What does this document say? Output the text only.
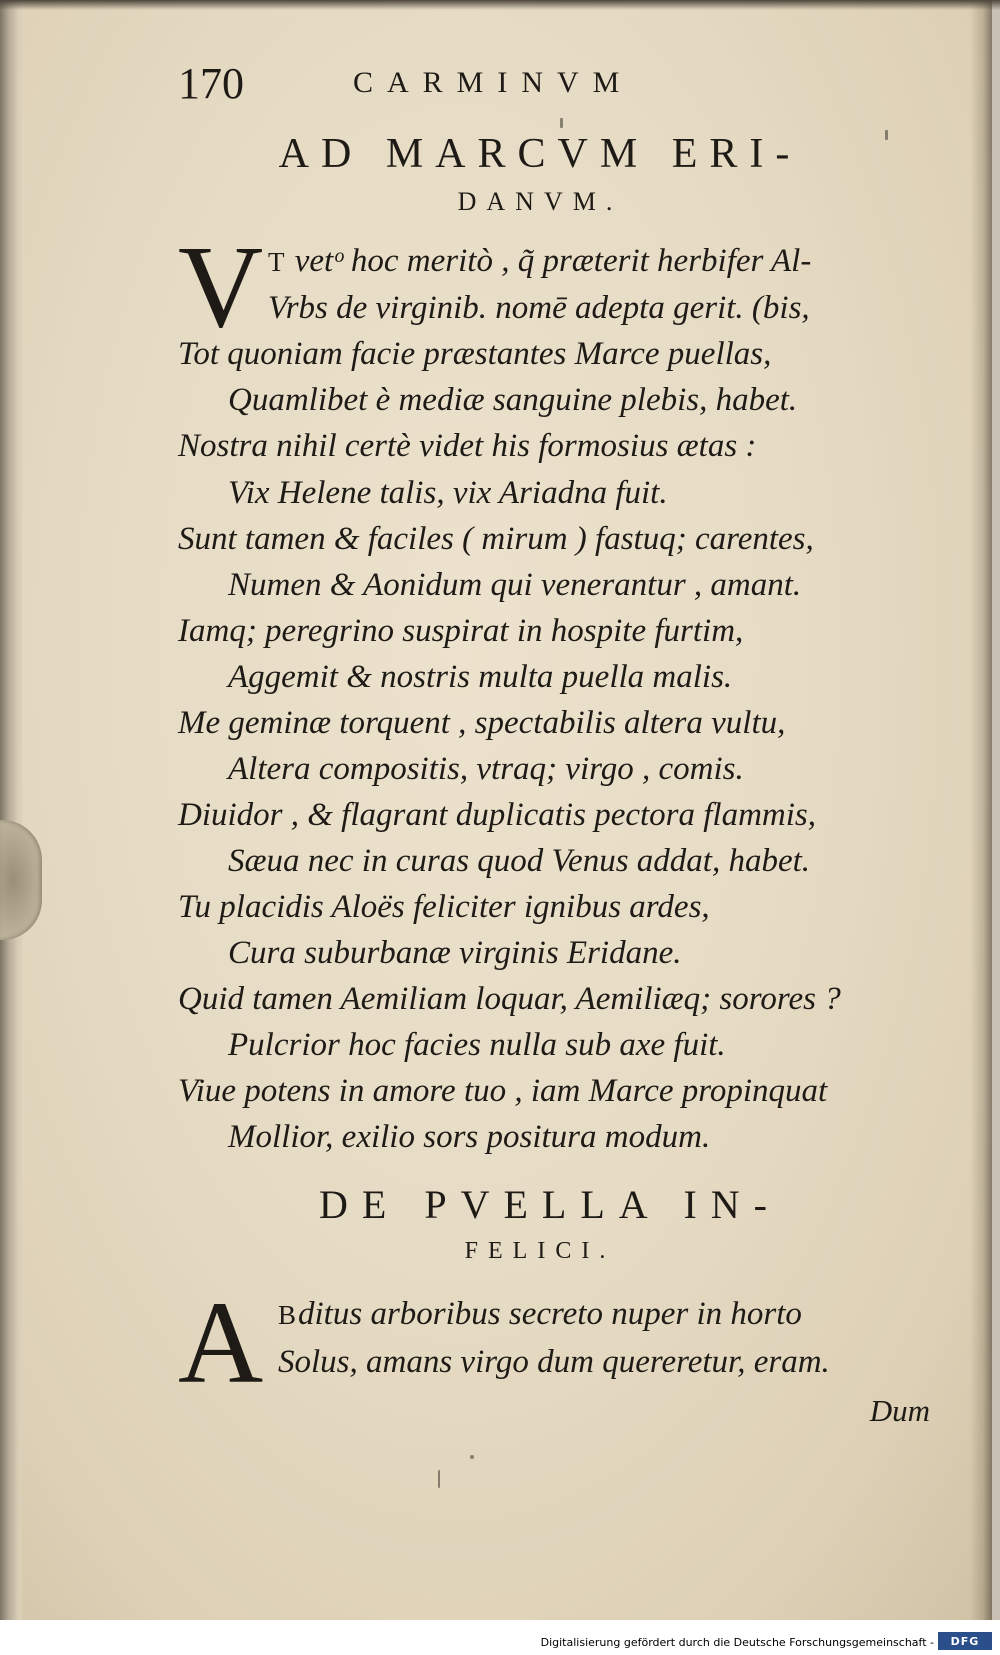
170	CARMINVM
AD MARCVM ERI-
DANVM.
V T vetᵒ hoc meritò , q̃ præterit herbifer Al-
Vrbs de virginib. nomē adepta gerit. (bis,
Tot quoniam facie præstantes Marce puellas,
Quamlibet è mediæ sanguine plebis, habet.
Nostra nihil certè videt his formosius ætas :
Vix Helene talis, vix Ariadna fuit.
Sunt tamen & faciles ( mirum ) fastuq; carentes,
Numen & Aonidum qui venerantur , amant.
Iamq; peregrino suspirat in hospite furtim,
Aggemit & nostris multa puella malis.
Me geminæ torquent , spectabilis altera vultu,
Altera compositis, vtraq; virgo , comis.
Diuidor , & flagrant duplicatis pectora flammis,
Sæua nec in curas quod Venus addat, habet.
Tu placidis Aloës feliciter ignibus ardes,
Cura suburbanæ virginis Eridane.
Quid tamen Aemiliam loquar, Aemiliæq; sorores ?
Pulcrior hoc facies nulla sub axe fuit.
Viue potens in amore tuo , iam Marce propinquat
Mollior, exilio sors positura modum.
DE PVELLA IN-
FELICI.
A Bditus arboribus secreto nuper in horto
Solus, amans virgo dum quereretur, eram.
Dum
Digitalisierung gefördert durch die Deutsche Forschungsgemeinschaft -	DFG
